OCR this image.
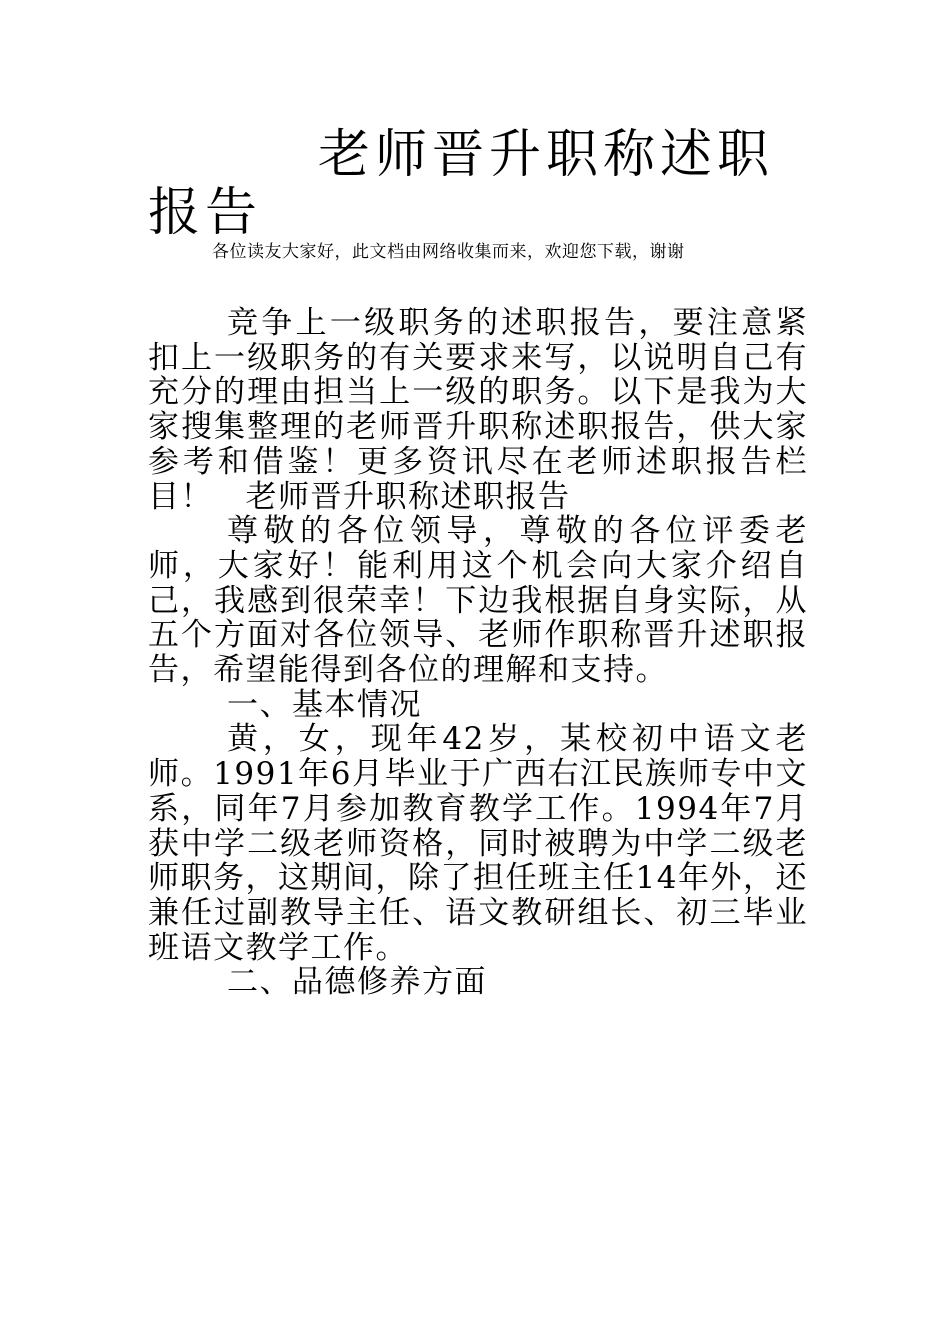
老师晋升职称述职报告

各位读友大家好，此文档由网络收集而来，欢迎您下载，谢谢

竞争上一级职务的述职报告，要注意紧扣上一级职务的有关要求来写，以说明自己有充分的理由担当上一级的职务。以下是我为大家搜集整理的老师晋升职称述职报告，供大家参考和借鉴！更多资讯尽在老师述职报告栏目！　老师晋升职称述职报告

尊敬的各位领导，尊敬的各位评委老师，大家好！能利用这个机会向大家介绍自己，我感到很荣幸！下边我根据自身实际，从五个方面对各位领导、老师作职称晋升述职报告，希望能得到各位的理解和支持。

一、基本情况

黄，女，现年42岁，某校初中语文老师。1991年6月毕业于广西右江民族师专中文系，同年7月参加教育教学工作。1994年7月获中学二级老师资格，同时被聘为中学二级老师职务，这期间，除了担任班主任14年外，还兼任过副教导主任、语文教研组长、初三毕业班语文教学工作。

二、品德修养方面
